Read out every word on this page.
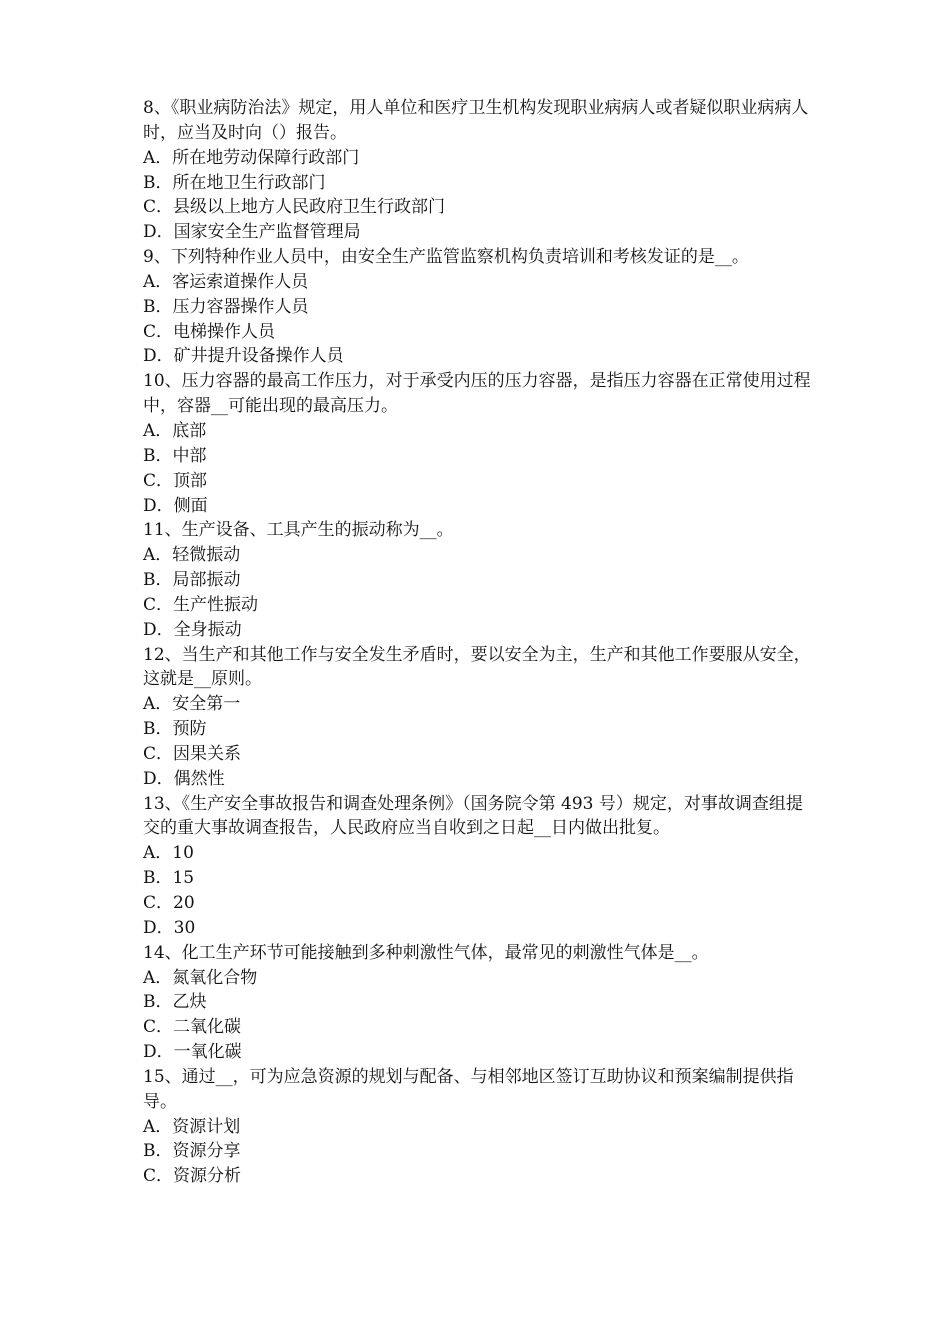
8、《职业病防治法》规定，用人单位和医疗卫生机构发现职业病病人或者疑似职业病病人时，应当及时向（）报告。

A．所在地劳动保障行政部门

B．所在地卫生行政部门

C．县级以上地方人民政府卫生行政部门

D．国家安全生产监督管理局

9、下列特种作业人员中，由安全生产监管监察机构负责培训和考核发证的是__。

A．客运索道操作人员

B．压力容器操作人员

C．电梯操作人员

D．矿井提升设备操作人员

10、压力容器的最高工作压力，对于承受内压的压力容器，是指压力容器在正常使用过程中，容器__可能出现的最高压力。

A．底部

B．中部

C．顶部

D．侧面

11、生产设备、工具产生的振动称为__。

A．轻微振动

B．局部振动

C．生产性振动

D．全身振动

12、当生产和其他工作与安全发生矛盾时，要以安全为主，生产和其他工作要服从安全，这就是__原则。

A．安全第一

B．预防

C．因果关系

D．偶然性

13、《生产安全事故报告和调查处理条例》（国务院令第 493 号）规定，对事故调查组提交的重大事故调查报告，人民政府应当自收到之日起__日内做出批复。

A．10

B．15

C．20

D．30

14、化工生产环节可能接触到多种刺激性气体，最常见的刺激性气体是__。

A．氮氧化合物

B．乙炔

C．二氧化碳

D．一氧化碳

15、通过__，可为应急资源的规划与配备、与相邻地区签订互助协议和预案编制提供指导。

A．资源计划

B．资源分享

C．资源分析
